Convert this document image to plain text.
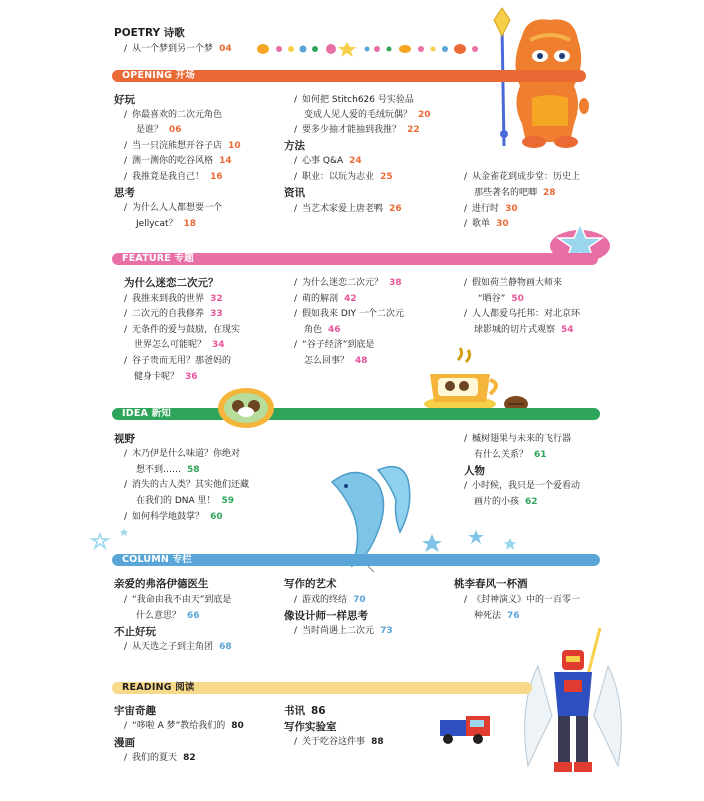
POETRY 诗歌
/ 从一个梦到另一个梦 04
OPENING 开场
好玩
/ 你最喜欢的二次元角色
是谁？ 06
/ 当一只浣熊想开谷子店 10
/ 测一测你的吃谷风格 14
/ 我推竟是我自己！ 16
思考
/ 为什么人人都想要一个
Jellycat？ 18
/ 如何把 Stitch626 号实验品
变成人见人爱的毛绒玩偶？ 20
/ 要多少抽才能抽到我推？ 22
方法
/ 心事 Q&A 24
/ 职业：以玩为志业 25
资讯
/ 当艺术家爱上唐老鸭 26
/ 从金雀花到成步堂：历史上
那些著名的吧唧 28
/ 进行时 30
/ 歌单 30
FEATURE 专题
为什么迷恋二次元？
/ 我推来到我的世界 32
/ 二次元的自我修养 33
/ 无条件的爱与鼓励，在现实
世界怎么可能呢？ 34
/ 谷子贵而无用？那爸妈的
健身卡呢？ 36
/ 为什么迷恋二次元？ 38
/ 萌的解剖 42
/ 假如我来 DIY 一个二次元
角色 46
/ “谷子经济”到底是
怎么回事？ 48
/ 假如荷兰静物画大师来
“晒谷” 50
/ 人人都爱乌托邦：对北京环
球影城的切片式观察 54
IDEA 新知
视野
/ 木乃伊是什么味道？你绝对
想不到…… 58
/ 消失的古人类？其实他们还藏
在我们的 DNA 里！ 59
/ 如何科学地鼓掌？ 60
/ 槭树翅果与未来的飞行器
有什么关系？ 61
人物
/ 小时候，我只是一个爱看动
画片的小孩 62
COLUMN 专栏
亲爱的弗洛伊德医生
/ “我命由我不由天”到底是
什么意思？ 66
不止好玩
/ 从天选之子到主角团 68
写作的艺术
/ 游戏的终结 70
像设计师一样思考
/ 当时尚遇上二次元 73
桃李春风一杯酒
/ 《封神演义》中的一百零一
种死法 76
READING 阅读
宇宙奇趣
/ “哆啦 A 梦”教给我们的 80
漫画
/ 我们的夏天 82
书讯 86
写作实验室
/ 关于吃谷这件事 88
